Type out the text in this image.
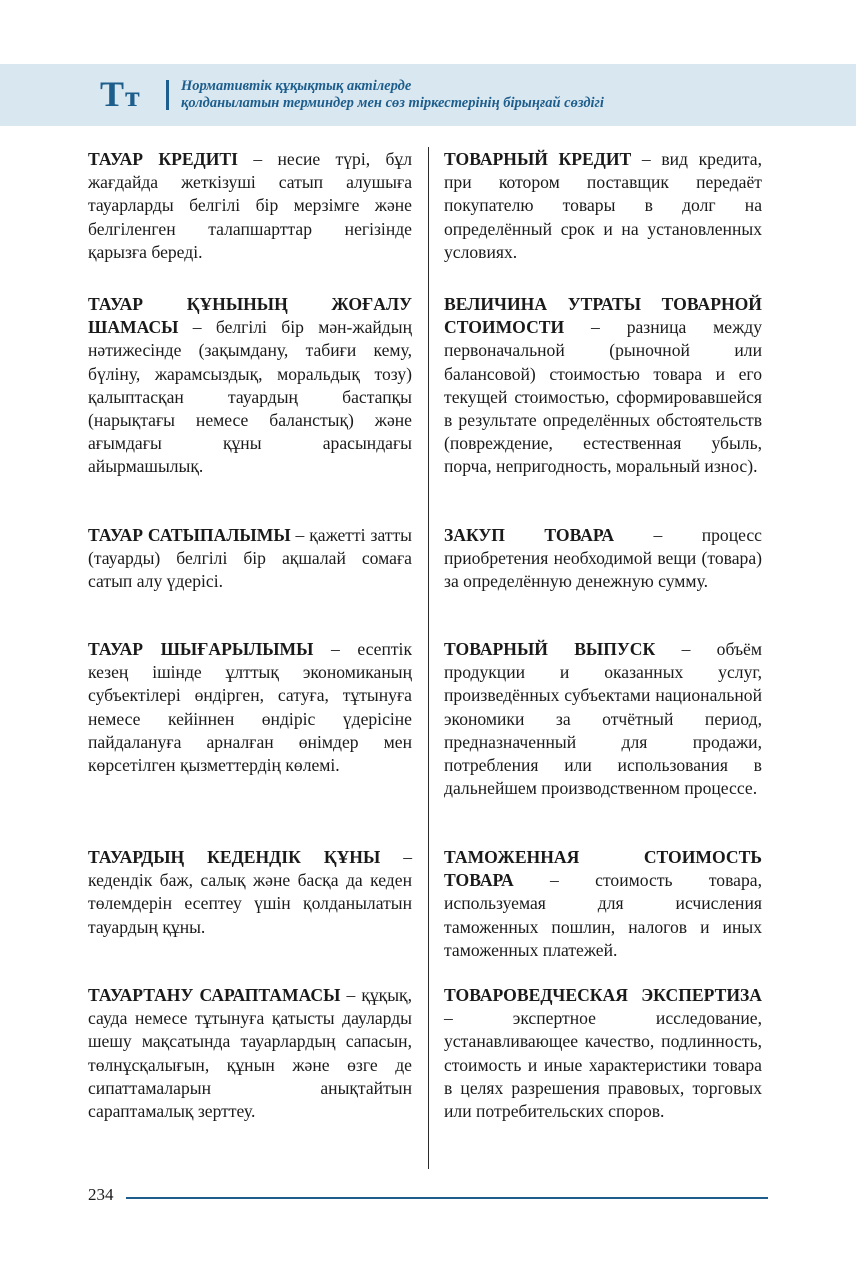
Тт	Нормативтік құқықтық актілерде
қолданылатын терминдер мен сөз тіркестерінің бірыңғай сөздігі
ТАУАР КРЕДИТІ – несие түрі, бұл жағдайда жеткізуші сатып алушыға тауарларды белгілі бір мерзімге және белгіленген талапшарттар негізінде қарызға береді.
ТАУАР ҚҰНЫНЫҢ ЖОҒАЛУ ШАМАСЫ – белгілі бір мән-жайдың нәтижесінде (зақымдану, табиғи кему, бүліну, жарамсыздық, моральдық тозу) қалыптасқан тауардың бастапқы (нарықтағы немесе баланстық) және ағымдағы құны арасындағы айырмашылық.
ТАУАР САТЫПАЛЫМЫ – қажетті затты (тауарды) белгілі бір ақшалай сомаға сатып алу үдерісі.
ТАУАР ШЫҒАРЫЛЫМЫ – есептік кезең ішінде ұлттық экономиканың субъектілері өндірген, сатуға, тұтынуға немесе кейіннен өндіріс үдерісіне пайдалануға арналған өнімдер мен көрсетілген қызметтердің көлемі.
ТАУАРДЫҢ КЕДЕНДІК ҚҰНЫ – кедендік баж, салық және басқа да кеден төлемдерін есептеу үшін қолданылатын тауардың құны.
ТАУАРТАНУ САРАПТАМАСЫ – құқық, сауда немесе тұтынуға қатысты дауларды шешу мақсатында тауарлардың сапасын, төлнұсқалығын, құнын және өзге де сипаттамаларын анықтайтын сараптамалық зерттеу.
ТОВАРНЫЙ КРЕДИТ – вид кредита, при котором поставщик передаёт покупателю товары в долг на определённый срок и на установленных условиях.
ВЕЛИЧИНА УТРАТЫ ТОВАРНОЙ СТОИМОСТИ – разница между первоначальной (рыночной или балансовой) стоимостью товара и его текущей стоимостью, сформировавшейся в результате определённых обстоятельств (повреждение, естественная убыль, порча, непригодность, моральный износ).
ЗАКУП ТОВАРА – процесс приобретения необходимой вещи (товара) за определённую денежную сумму.
ТОВАРНЫЙ ВЫПУСК – объём продукции и оказанных услуг, произведённых субъектами национальной экономики за отчётный период, предназначенный для продажи, потребления или использования в дальнейшем производственном процессе.
ТАМОЖЕННАЯ СТОИМОСТЬ ТОВАРА – стоимость товара, используемая для исчисления таможенных пошлин, налогов и иных таможенных платежей.
ТОВАРОВЕДЧЕСКАЯ ЭКСПЕРТИЗА – экспертное исследование, устанавливающее качество, подлинность, стоимость и иные характеристики товара в целях разрешения правовых, торговых или потребительских споров.
234
